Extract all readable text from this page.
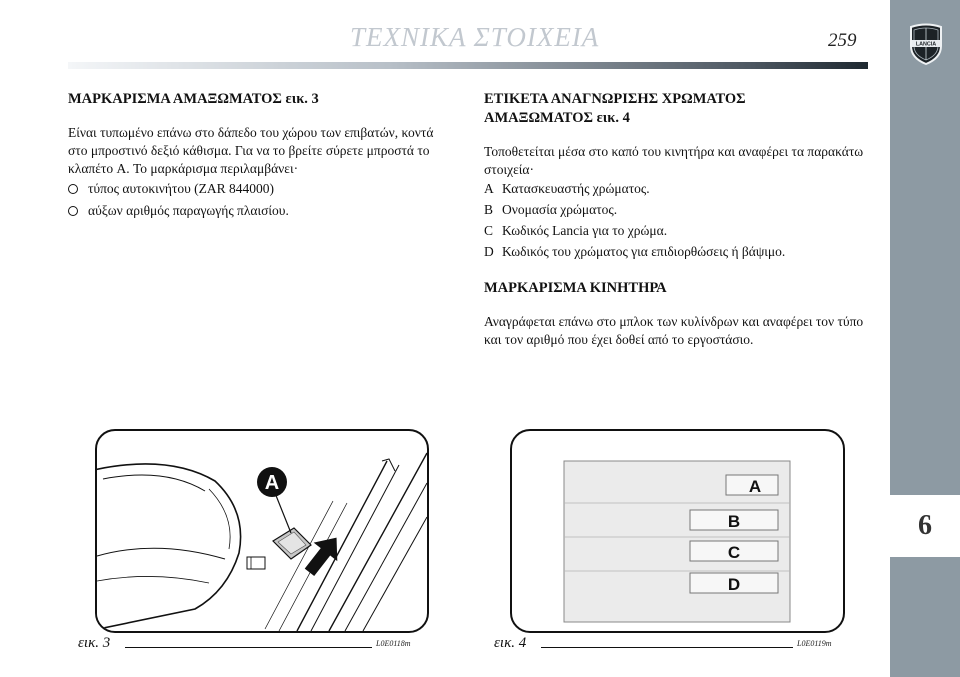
ΤΕΧΝΙΚΑ ΣΤΟΙΧΕΙΑ	259	LANCIA
6
ΜΑΡΚΑΡΙΣΜΑ ΑΜΑΞΩΜΑΤΟΣ εικ. 3

Είναι τυπωμένο επάνω στο δάπεδο του χώρου των επιβατών, κοντά στο μπροστινό δεξιό κάθισμα. Για να το βρείτε σύρετε μπροστά το κλαπέτο A. Το μαρκάρισμα περιλαμβάνει·

τύπος αυτοκινήτου (ZAR 844000)
αύξων αριθμός παραγωγής πλαισίου.
ΕΤΙΚΕΤΑ ΑΝΑΓΝΩΡΙΣΗΣ ΧΡΩΜΑΤΟΣ
ΑΜΑΞΩΜΑΤΟΣ εικ. 4

Τοποθετείται μέσα στο καπό του κινητήρα και αναφέρει τα παρακάτω στοιχεία·

A Κατασκευαστής χρώματος.
B Ονομασία χρώματος.
C Κωδικός Lancia για το χρώμα.
D Κωδικός του χρώματος για επιδιορθώσεις ή βάψιμο.
ΜΑΡΚΑΡΙΣΜΑ ΚΙΝΗΤΗΡΑ

Αναγράφεται επάνω στο μπλοκ των κυλίνδρων και αναφέρει τον τύπο και τον αριθμό που έχει δοθεί από το εργοστάσιο.

A
εικ. 3	L0E0118m
A
B
C
D
εικ. 4	L0E0119m
